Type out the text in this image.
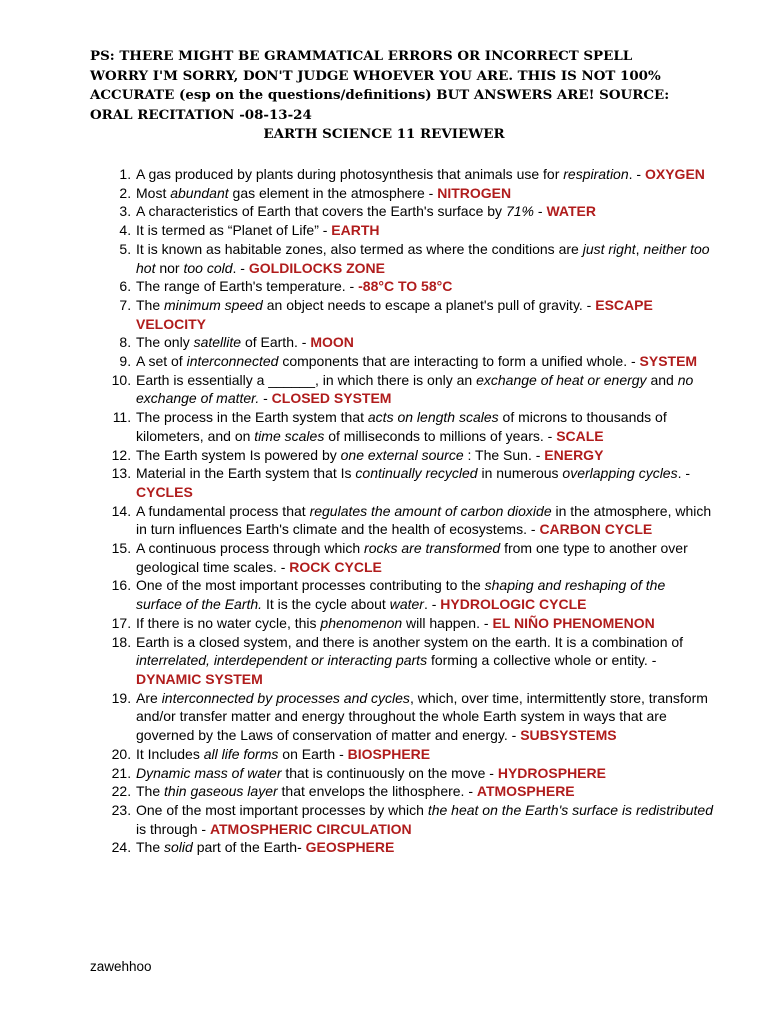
PS: THERE MIGHT BE GRAMMATICAL ERRORS OR INCORRECT SPELL WORRY I'M SORRY, DON'T JUDGE WHOEVER YOU ARE. THIS IS NOT 100% ACCURATE (esp on the questions/definitions) BUT ANSWERS ARE! SOURCE: ORAL RECITATION -08-13-24
EARTH SCIENCE 11 REVIEWER
1. A gas produced by plants during photosynthesis that animals use for respiration. - OXYGEN
2. Most abundant gas element in the atmosphere - NITROGEN
3. A characteristics of Earth that covers the Earth's surface by 71% - WATER
4. It is termed as “Planet of Life” - EARTH
5. It is known as habitable zones, also termed as where the conditions are just right, neither too hot nor too cold. - GOLDILOCKS ZONE
6. The range of Earth's temperature. - -88°C TO 58°C
7. The minimum speed an object needs to escape a planet's pull of gravity. - ESCAPE VELOCITY
8. The only satellite of Earth. - MOON
9. A set of interconnected components that are interacting to form a unified whole. - SYSTEM
10. Earth is essentially a ______, in which there is only an exchange of heat or energy and no exchange of matter. - CLOSED SYSTEM
11. The process in the Earth system that acts on length scales of microns to thousands of kilometers, and on time scales of milliseconds to millions of years. - SCALE
12. The Earth system Is powered by one external source : The Sun. - ENERGY
13. Material in the Earth system that Is continually recycled in numerous overlapping cycles. - CYCLES
14. A fundamental process that regulates the amount of carbon dioxide in the atmosphere, which in turn influences Earth's climate and the health of ecosystems. - CARBON CYCLE
15. A continuous process through which rocks are transformed from one type to another over geological time scales. - ROCK CYCLE
16. One of the most important processes contributing to the shaping and reshaping of the surface of the Earth. It is the cycle about water. - HYDROLOGIC CYCLE
17. If there is no water cycle, this phenomenon will happen. - EL NIÑO PHENOMENON
18. Earth is a closed system, and there is another system on the earth. It is a combination of interrelated, interdependent or interacting parts forming a collective whole or entity. - DYNAMIC SYSTEM
19. Are interconnected by processes and cycles, which, over time, intermittently store, transform and/or transfer matter and energy throughout the whole Earth system in ways that are governed by the Laws of conservation of matter and energy. - SUBSYSTEMS
20. It Includes all life forms on Earth - BIOSPHERE
21. Dynamic mass of water that is continuously on the move - HYDROSPHERE
22. The thin gaseous layer that envelops the lithosphere. - ATMOSPHERE
23. One of the most important processes by which the heat on the Earth's surface is redistributed is through - ATMOSPHERIC CIRCULATION
24. The solid part of the Earth- GEOSPHERE
zawehhoo
